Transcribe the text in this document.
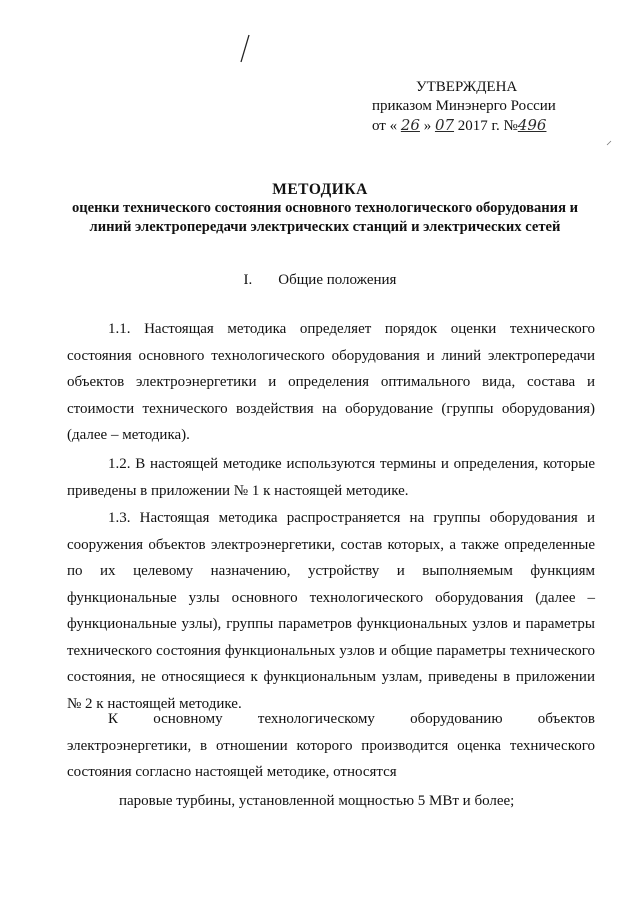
УТВЕРЖДЕНА
приказом Минэнерго России
от « 26 » 07 2017 г. №496
МЕТОДИКА
оценки технического состояния основного технологического оборудования и линий электропередачи электрических станций и электрических сетей
I. Общие положения

1.1. Настоящая методика определяет порядок оценки технического состояния основного технологического оборудования и линий электропередачи объектов электроэнергетики и определения оптимального вида, состава и стоимости технического воздействия на оборудование (группы оборудования) (далее – методика).

1.2. В настоящей методике используются термины и определения, которые приведены в приложении № 1 к настоящей методике.

1.3. Настоящая методика распространяется на группы оборудования и сооружения объектов электроэнергетики, состав которых, а также определенные по их целевому назначению, устройству и выполняемым функциям функциональные узлы основного технологического оборудования (далее – функциональные узлы), группы параметров функциональных узлов и параметры технического состояния функциональных узлов и общие параметры технического состояния, не относящиеся к функциональным узлам, приведены в приложении № 2 к настоящей методике.

К основному технологическому оборудованию объектов электроэнергетики, в отношении которого производится оценка технического состояния согласно настоящей методике, относятся

паровые турбины, установленной мощностью 5 МВт и более;
